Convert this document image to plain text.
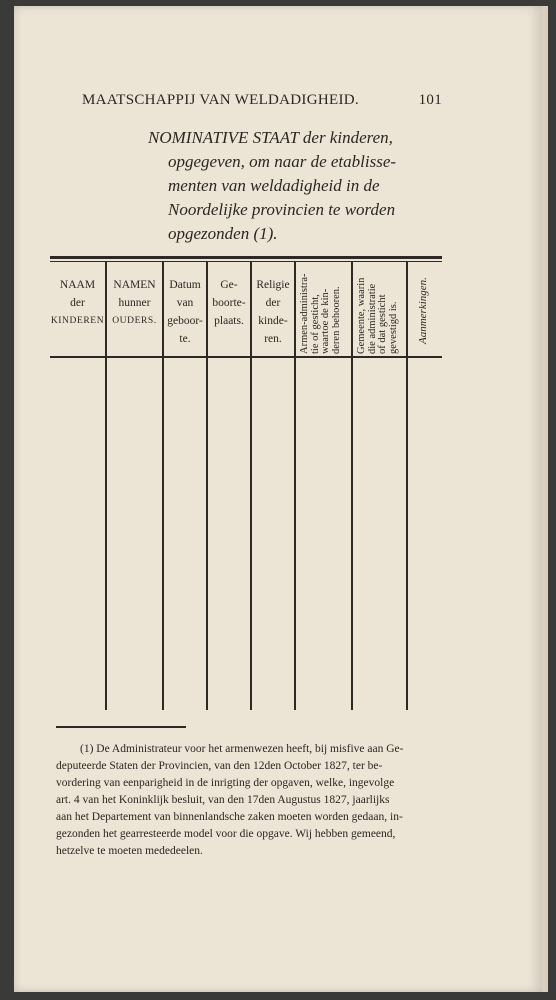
MAATSCHAPPIJ VAN WELDADIGHEID.	101
NOMINATIVE STAAT der kinderen,
opgegeven, om naar de etablisse-
menten van weldadigheid in de
Noordelijke provincien te worden
opgezonden (1).
NAAM
der
KINDEREN
NAMEN
hunner
OUDERS.
Datum
van
geboor-
te.
Ge-
boorte-
plaats.
Religie
der
kinde-
ren.	Armen-administra- tie of gesticht, waartoe de kin- deren behooren. Gemeente, waarin die administratie of dat gesticht gevestigd is. Aanmerkingen.
(1) De Administrateur voor het armenwezen heeft, bij misfive aan Ge-
deputeerde Staten der Provincien, van den 12den October 1827, ter be-
vordering van eenparigheid in de inrigting der opgaven, welke, ingevolge
art. 4 van het Koninklijk besluit, van den 17den Augustus 1827, jaarlijks
aan het Departement van binnenlandsche zaken moeten worden gedaan, in-
gezonden het gearresteerde model voor die opgave. Wij hebben gemeend,
hetzelve te moeten mededeelen.
